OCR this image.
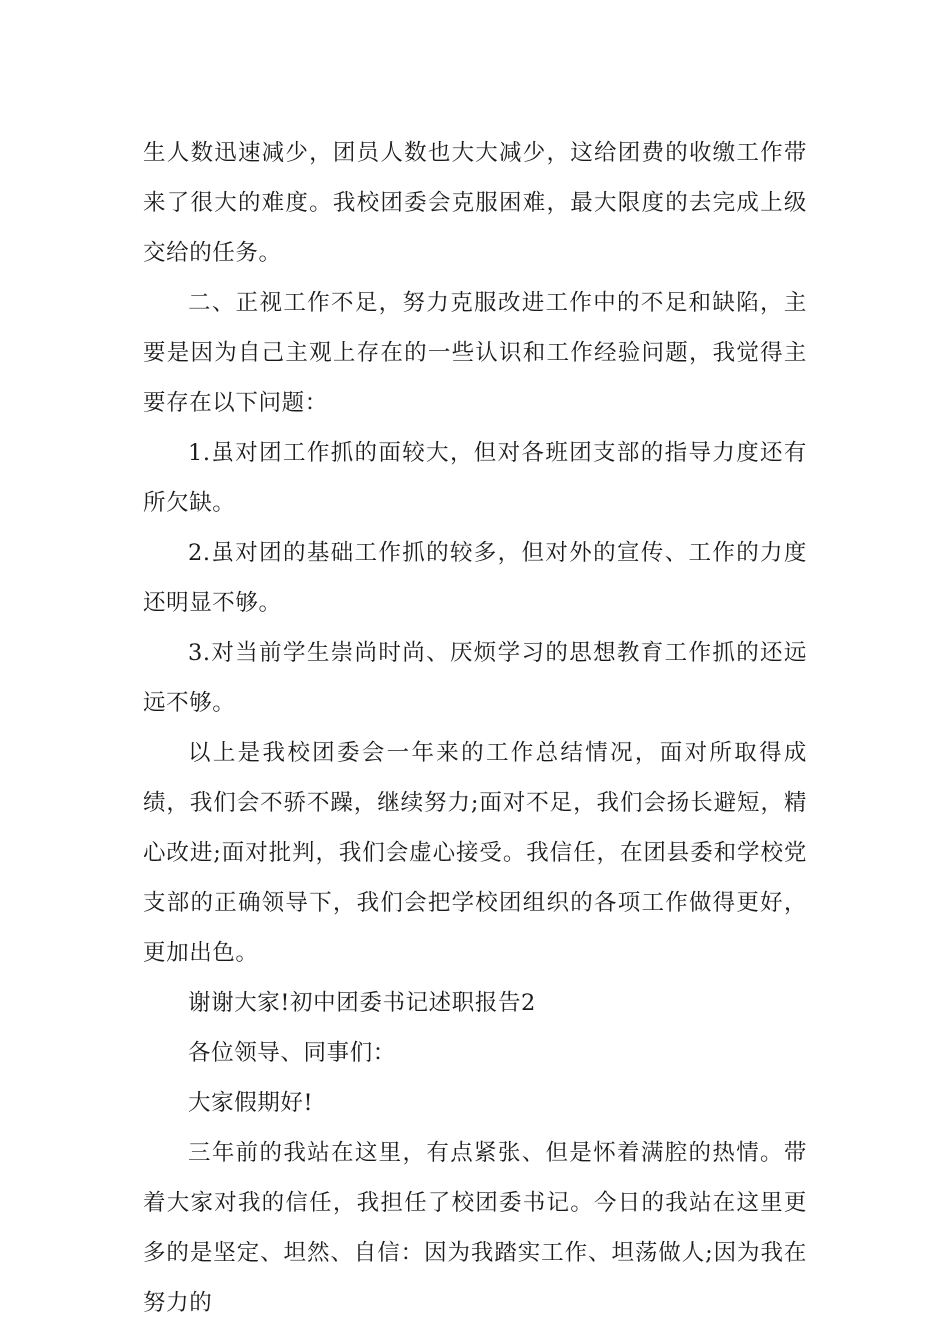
生人数迅速减少，团员人数也大大减少，这给团费的收缴工作带来了很大的难度。我校团委会克服困难，最大限度的去完成上级交给的任务。

二、正视工作不足，努力克服改进工作中的不足和缺陷，主要是因为自己主观上存在的一些认识和工作经验问题，我觉得主要存在以下问题：

1.虽对团工作抓的面较大，但对各班团支部的指导力度还有所欠缺。

2.虽对团的基础工作抓的较多，但对外的宣传、工作的力度还明显不够。

3.对当前学生崇尚时尚、厌烦学习的思想教育工作抓的还远远不够。

以上是我校团委会一年来的工作总结情况，面对所取得成绩，我们会不骄不躁，继续努力;面对不足，我们会扬长避短，精心改进;面对批判，我们会虚心接受。我信任，在团县委和学校党支部的正确领导下，我们会把学校团组织的各项工作做得更好，更加出色。

谢谢大家!初中团委书记述职报告2

各位领导、同事们：

大家假期好!

三年前的我站在这里，有点紧张、但是怀着满腔的热情。带着大家对我的信任，我担任了校团委书记。今日的我站在这里更多的是坚定、坦然、自信：因为我踏实工作、坦荡做人;因为我在努力的
